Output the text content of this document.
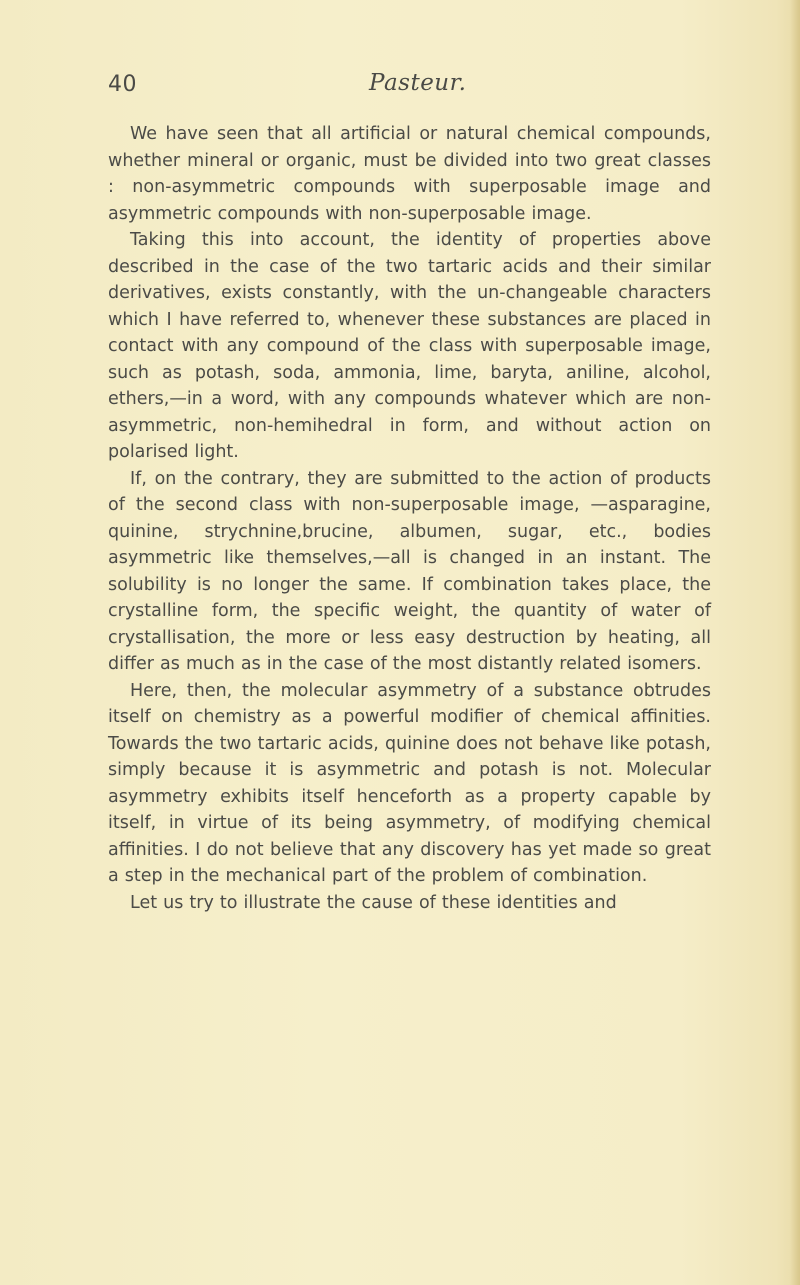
40	Pasteur.

We have seen that all artificial or natural chemical compounds, whether mineral or organic, must be divided into two great classes : non-asymmetric compounds with superposable image and asymmetric compounds with non-superposable image.

Taking this into account, the identity of properties above described in the case of the two tartaric acids and their similar derivatives, exists constantly, with the un-changeable characters which I have referred to, whenever these substances are placed in contact with any compound of the class with superposable image, such as potash, soda, ammonia, lime, baryta, aniline, alcohol, ethers,—in a word, with any compounds whatever which are non-asymmetric, non-hemihedral in form, and without action on polarised light.

If, on the contrary, they are submitted to the action of products of the second class with non-superposable image, —asparagine, quinine, strychnine,brucine, albumen, sugar, etc., bodies asymmetric like themselves,—all is changed in an instant. The solubility is no longer the same. If combination takes place, the crystalline form, the specific weight, the quantity of water of crystallisation, the more or less easy destruction by heating, all differ as much as in the case of the most distantly related isomers.

Here, then, the molecular asymmetry of a substance obtrudes itself on chemistry as a powerful modifier of chemical affinities. Towards the two tartaric acids, quinine does not behave like potash, simply because it is asymmetric and potash is not. Molecular asymmetry exhibits itself henceforth as a property capable by itself, in virtue of its being asymmetry, of modifying chemical affinities. I do not believe that any discovery has yet made so great a step in the mechanical part of the problem of combination.

Let us try to illustrate the cause of these identities and
